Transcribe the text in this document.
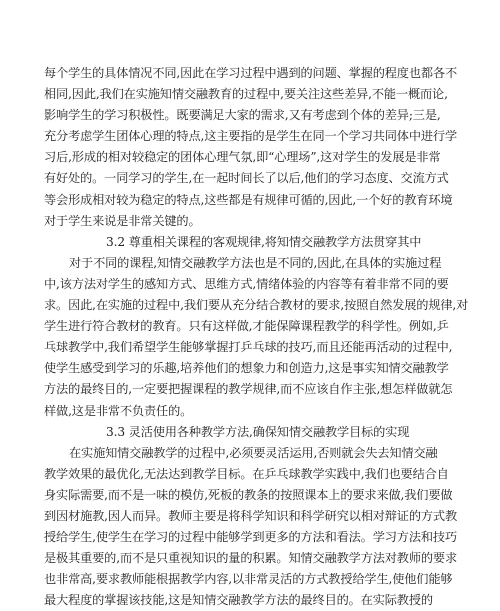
每个学生的具体情况不同,因此在学习过程中遇到的问题、掌握的程度也都各不
相同,因此,我们在实施知情交融教育的过程中,要关注这些差异,不能一概而论,
影响学生的学习积极性。既要满足大家的需求,又有考虑到个体的差异;三是,
充分考虑学生团体心理的特点,这主要指的是学生在同一个学习共同体中进行学
习后,形成的相对较稳定的团体心理气氛,即“心理场”,这对学生的发展是非常
有好处的。一同学习的学生,在一起时间长了以后,他们的学习态度、交流方式
等会形成相对较为稳定的特点,这些都是有规律可循的,因此,一个好的教育环境
对于学生来说是非常关键的。
3.2 尊重相关课程的客观规律,将知情交融教学方法贯穿其中
对于不同的课程,知情交融教学方法也是不同的,因此,在具体的实施过程
中,该方法对学生的感知方式、思维方式,情绪体验的内容等有着非常不同的要
求。因此,在实施的过程中,我们要从充分结合教材的要求,按照自然发展的规律,对
学生进行符合教材的教育。只有这样做,才能保障课程教学的科学性。例如,乒
乓球教学中,我们希望学生能够掌握打乒乓球的技巧,而且还能再活动的过程中,
使学生感受到学习的乐趣,培养他们的想象力和创造力,这是事实知情交融教学
方法的最终目的,一定要把握课程的教学规律,而不应该自作主张,想怎样做就怎
样做,这是非常不负责任的。
3.3 灵活使用各种教学方法,确保知情交融教学目标的实现
在实施知情交融教学的过程中,必须要灵活运用,否则就会失去知情交融
教学效果的最优化,无法达到教学目标。在乒乓球教学实践中,我们也要结合自
身实际需要,而不是一味的模仿,死板的教条的按照课本上的要求来做,我们要做
到因材施教,因人而异。教师主要是将科学知识和科学研究以相对辩证的方式教
授给学生,使学生在学习的过程中能够学到更多的方法和看法。学习方法和技巧
是极其重要的,而不是只重视知识的量的积累。知情交融教学方法对教师的要求
也非常高,要求教师能根据教学内容,以非常灵活的方式教授给学生,使他们能够
最大程度的掌握该技能,这是知情交融教学方法的最终目的。在实际教授的
